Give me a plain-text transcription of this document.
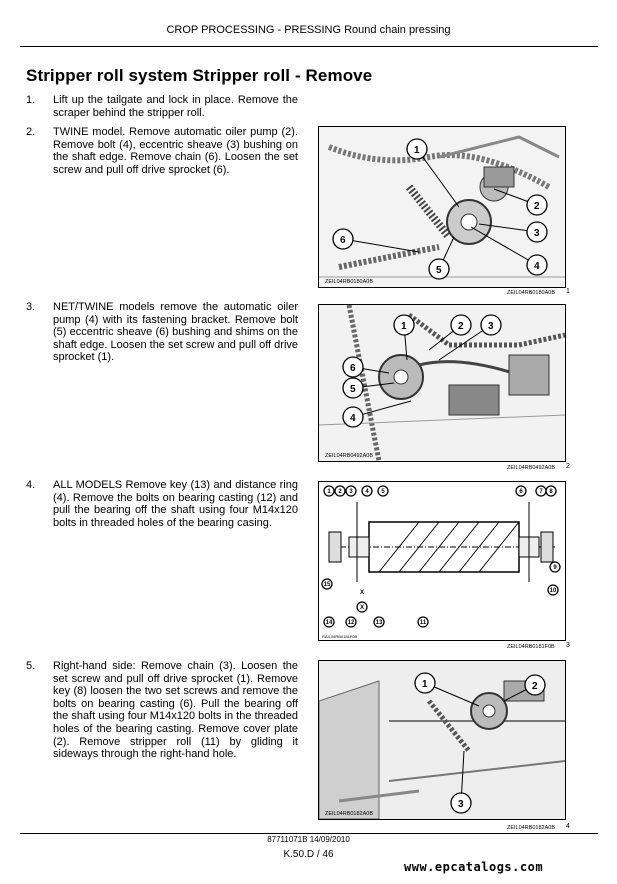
CROP PROCESSING - PRESSING Round chain pressing
Stripper roll system Stripper roll - Remove
1. Lift up the tailgate and lock in place. Remove the scraper behind the stripper roll.
2. TWINE model. Remove automatic oiler pump (2). Remove bolt (4), eccentric sheave (3) bushing on the shaft edge. Remove chain (6). Loosen the set screw and pull off drive sprocket (6).
3. NET/TWINE models remove the automatic oiler pump (4) with its fastening bracket. Remove bolt (5) eccentric sheave (6) bushing and shims on the shaft edge. Loosen the set screw and pull off drive sprocket (1).
4. ALL MODELS Remove key (13) and distance ring (4). Remove the bolts on bearing casting (12) and pull the bearing off the shaft using four M14x120 bolts in threaded holes of the bearing casing.
5. Right-hand side: Remove chain (3). Loosen the set screw and pull off drive sprocket (1). Remove key (8) loosen the two set screws and remove the bolts on bearing casting (6). Pull the bearing off the shaft using four M14x120 bolts in the threaded holes of the bearing casting. Remove cover plate (2). Remove stripper roll (11) by gliding it sideways through the right-hand hole.
1
2
3
4
5
6
ZEIL04RB0180A0B
ZEIL04RB0180A0B 1
1	2 3
6
5
4
ZEIL04RB0492A0B
ZEIL04RB0492A0B 2
1 2 3 4 5	6	7 8
9
10
11
12	13
14
15
X
X
RAIL04RB0181F0B
ZEIL04RB0181F0B 3
1	2
3
ZEIL04RB0182A0B
ZEIL04RB0182A0B 4
87711071B 14/09/2010
K.50.D / 46
www.epcatalogs.com
